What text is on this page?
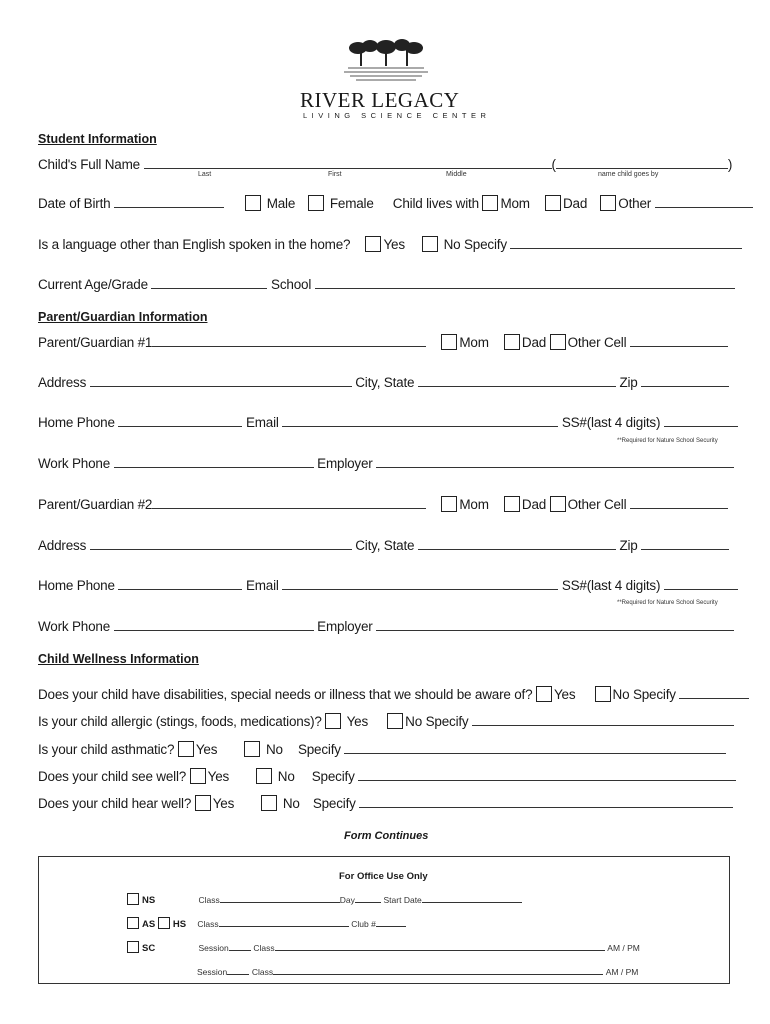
RIVER LEGACY
LIVING SCIENCE CENTER
Student Information
Child's Full Name	(	)
Last	First	Middle	name child goes by
Date of Birth	Male	Female Child lives with Mom Dad Other
Is a language other than English spoken in the home? Yes	No Specify
Current Age/Grade	School
Parent/Guardian Information
Parent/Guardian #1	Mom Dad Other Cell
Address	City, State	Zip
Home Phone	Email	SS#(last 4 digits)
**Required for Nature School Security
Work Phone	Employer
Parent/Guardian #2	Mom Dad Other Cell
Address	City, State	Zip
Home Phone	Email	SS#(last 4 digits)
**Required for Nature School Security
Work Phone	Employer
Child Wellness Information
Does your child have disabilities, special needs or illness that we should be aware of? Yes	No Specify
Is your child allergic (stings, foods, medications)? Yes	No Specify
Is your child asthmatic? Yes	No Specify
Does your child see well? Yes	No Specify
Does your child hear well? Yes	No Specify
Form Continues
For Office Use Only
NS	Class	Day	Start Date
AS HS Class	Club #
SC	Session	Class	AM / PM
Session	Class	AM / PM
